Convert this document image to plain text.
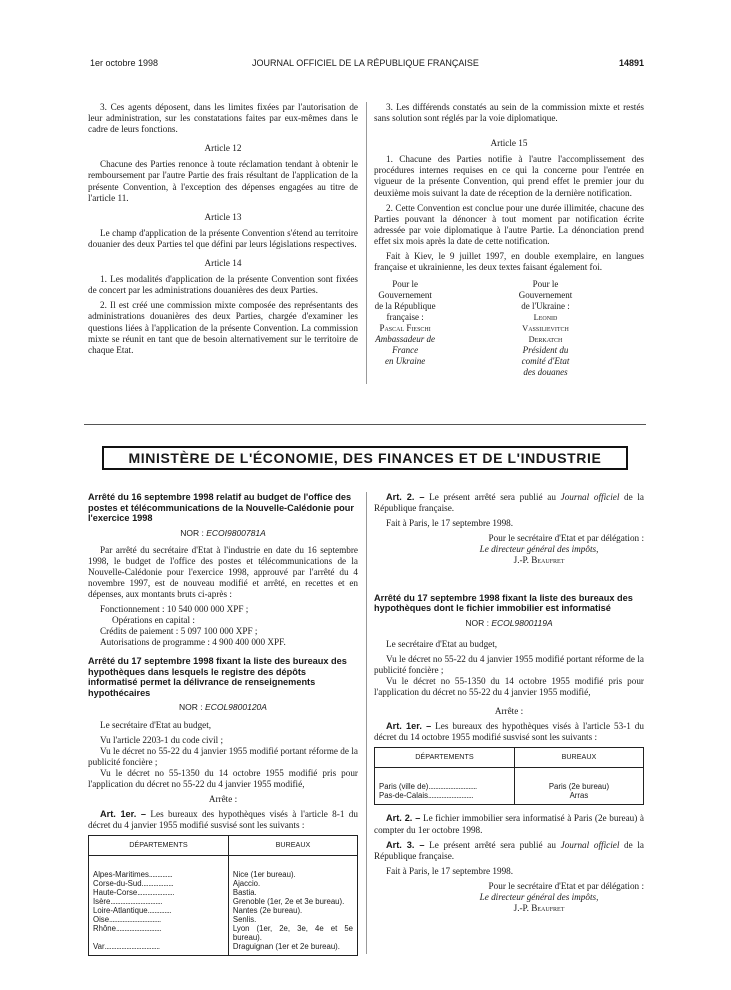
1er octobre 1998	JOURNAL OFFICIEL DE LA RÉPUBLIQUE FRANÇAISE	14891

3. Ces agents déposent, dans les limites fixées par l'autorisation de leur administration, sur les constatations faites par eux-mêmes dans le cadre de leurs fonctions.

Article 12

Chacune des Parties renonce à toute réclamation tendant à obtenir le remboursement par l'autre Partie des frais résultant de l'application de la présente Convention, à l'exception des dépenses engagées au titre de l'article 11.

Article 13

Le champ d'application de la présente Convention s'étend au territoire douanier des deux Parties tel que défini par leurs législations respectives.

Article 14

1. Les modalités d'application de la présente Convention sont fixées de concert par les administrations douanières des deux Parties.

2. Il est créé une commission mixte composée des représentants des administrations douanières des deux Parties, chargée d'examiner les questions liées à l'application de la présente Convention. La commission mixte se réunit en tant que de besoin alternativement sur le territoire de chaque Etat.

3. Les différends constatés au sein de la commission mixte et restés sans solution sont réglés par la voie diplomatique.

Article 15

1. Chacune des Parties notifie à l'autre l'accomplissement des procédures internes requises en ce qui la concerne pour l'entrée en vigueur de la présente Convention, qui prend effet le premier jour du deuxième mois suivant la date de réception de la dernière notification.

2. Cette Convention est conclue pour une durée illimitée, chacune des Parties pouvant la dénoncer à tout moment par notification écrite adressée par voie diplomatique à l'autre Partie. La dénonciation prend effet six mois après la date de cette notification.

Fait à Kiev, le 9 juillet 1997, en double exemplaire, en langues française et ukrainienne, les deux textes faisant également foi.

Pour le Gouvernement
de la République française :
Pascal Fieschi
Ambassadeur de France
en Ukraine
Pour le Gouvernement
de l'Ukraine :
Leonid Vassilievitch Derkatch
Président du comité d'Etat
des douanes
MINISTÈRE DE L'ÉCONOMIE, DES FINANCES ET DE L'INDUSTRIE

Arrêté du 16 septembre 1998 relatif au budget de l'office des postes et télécommunications de la Nouvelle-Calédonie pour l'exercice 1998

NOR : ECOI9800781A

Par arrêté du secrétaire d'Etat à l'industrie en date du 16 septembre 1998, le budget de l'office des postes et télécommunications de la Nouvelle-Calédonie pour l'exercice 1998, approuvé par l'arrêté du 4 novembre 1997, est de nouveau modifié et arrêté, en recettes et en dépenses, aux montants bruts ci-après :

Fonctionnement : 10 540 000 000 XPF ;

Opérations en capital :

Crédits de paiement : 5 097 100 000 XPF ;

Autorisations de programme : 4 900 400 000 XPF.

Arrêté du 17 septembre 1998 fixant la liste des bureaux des hypothèques dans lesquels le registre des dépôts informatisé permet la délivrance de renseignements hypothécaires

NOR : ECOL9800120A

Le secrétaire d'Etat au budget,

Vu l'article 2203-1 du code civil ;

Vu le décret no 55-22 du 4 janvier 1955 modifié portant réforme de la publicité foncière ;

Vu le décret no 55-1350 du 14 octobre 1955 modifié pris pour l'application du décret no 55-22 du 4 janvier 1955 modifié,

Arrête :

Art. 1er. – Les bureaux des hypothèques visés à l'article 8-1 du décret du 4 janvier 1955 modifié susvisé sont les suivants :

DÉPARTEMENTS	BUREAUX

Alpes-Maritimes..............	Nice (1er bureau).
Corse-du-Sud...................	Ajaccio.
Haute-Corse......................	Bastia.
Isère...............................	Grenoble (1er, 2e et 3e bureau).
Loire-Atlantique..............	Nantes (2e bureau).
Oise...............................	Senlis.
Rhône...........................	Lyon (1er, 2e, 3e, 4e et 5e bureau).
Var.................................	Draguignan (1er et 2e bureau).

Art. 2. – Le présent arrêté sera publié au Journal officiel de la République française.

Fait à Paris, le 17 septembre 1998.

Pour le secrétaire d'Etat et par délégation :

Le directeur général des impôts,

J.-P. Beaufret

Arrêté du 17 septembre 1998 fixant la liste des bureaux des hypothèques dont le fichier immobilier est informatisé

NOR : ECOL9800119A

Le secrétaire d'Etat au budget,

Vu le décret no 55-22 du 4 janvier 1955 modifié portant réforme de la publicité foncière ;

Vu le décret no 55-1350 du 14 octobre 1955 modifié pris pour l'application du décret no 55-22 du 4 janvier 1955 modifié,

Arrête :

Art. 1er. – Les bureaux des hypothèques visés à l'article 53-1 du décret du 14 octobre 1955 modifié susvisé sont les suivants :

DÉPARTEMENTS	BUREAUX

Paris (ville de).............................	Paris (2e bureau)
Pas-de-Calais...........................	Arras

Art. 2. – Le fichier immobilier sera informatisé à Paris (2e bureau) à compter du 1er octobre 1998.

Art. 3. – Le présent arrêté sera publié au Journal officiel de la République française.

Fait à Paris, le 17 septembre 1998.

Pour le secrétaire d'Etat et par délégation :

Le directeur général des impôts,

J.-P. Beaufret
